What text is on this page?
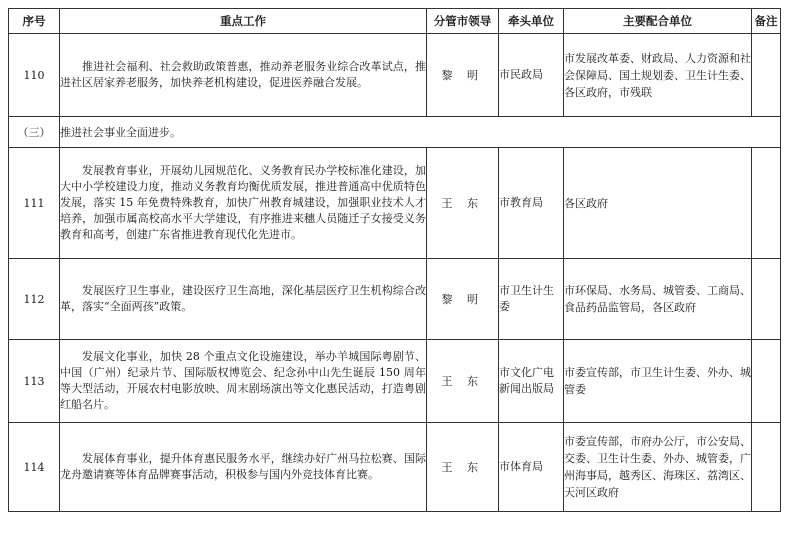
序号	重点工作	分管市领导	牵头单位	主要配合单位	备注
110	推进社会福利、社会救助政策普惠，推动养老服务业综合改革试点，推进社区居家养老服务，加快养老机构建设，促进医养融合发展。	黎 明	市民政局	市发展改革委、财政局、人力资源和社会保障局、国土规划委、卫生计生委、各区政府，市残联	
（三）	推进社会事业全面进步。				
111	发展教育事业，开展幼儿园规范化、义务教育民办学校标准化建设，加大中小学校建设力度，推动义务教育均衡优质发展，推进普通高中优质特色发展，落实 15 年免费特殊教育，加快广州教育城建设，加强职业技术人才培养，加强市属高校高水平大学建设，有序推进来穗人员随迁子女接受义务教育和高考，创建广东省推进教育现代化先进市。	王 东	市教育局	各区政府	
112	发展医疗卫生事业，建设医疗卫生高地，深化基层医疗卫生机构综合改革，落实“全面两孩”政策。	黎 明	市卫生计生委	市环保局、水务局、城管委、工商局、食品药品监管局，各区政府	
113	发展文化事业，加快 28 个重点文化设施建设，举办羊城国际粤剧节、中国（广州）纪录片节、国际版权博览会、纪念孙中山先生诞辰 150 周年等大型活动，开展农村电影放映、周末剧场演出等文化惠民活动，打造粤剧红船名片。	王 东	市文化广电新闻出版局	市委宣传部，市卫生计生委、外办、城管委	
114	发展体育事业，提升体育惠民服务水平，继续办好广州马拉松赛、国际龙舟邀请赛等体育品牌赛事活动，积极参与国内外竞技体育比赛。	王 东	市体育局	市委宣传部，市府办公厅，市公安局、交委、卫生计生委、外办、城管委，广州海事局，越秀区、海珠区、荔湾区、天河区政府	
